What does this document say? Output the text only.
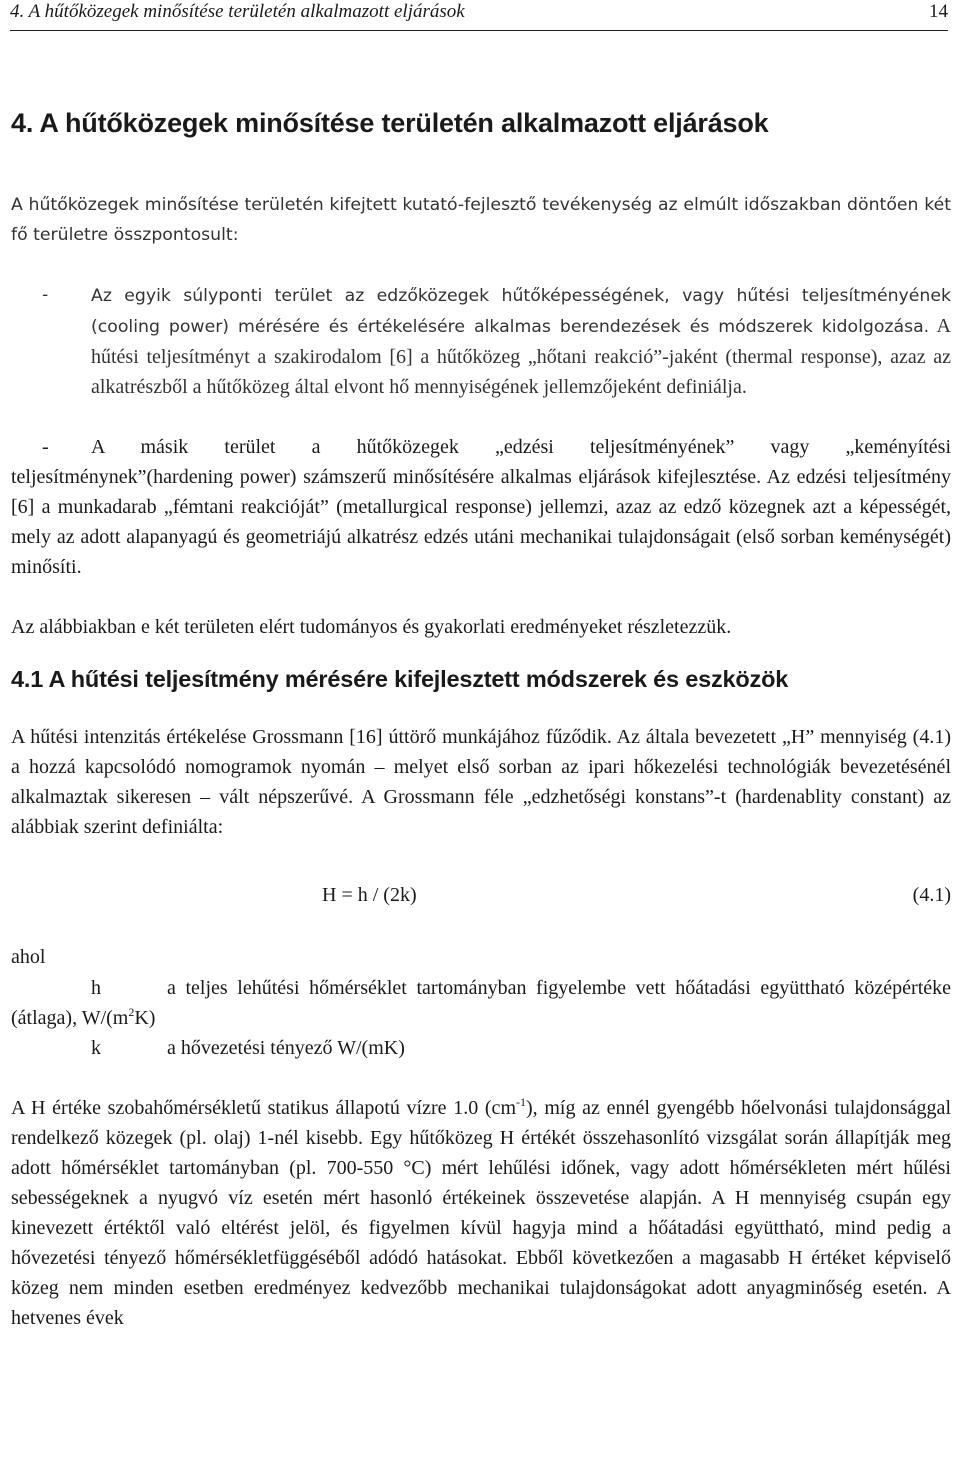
4. A hűtőközegek minősítése területén alkalmazott eljárások	14
4. A hűtőközegek minősítése területén alkalmazott eljárások

A hűtőközegek minősítése területén kifejtett kutató-fejlesztő tevékenység az elmúlt időszakban döntően két fő területre összpontosult:

-	Az egyik súlyponti terület az edzőközegek hűtőképességének, vagy hűtési teljesítményének (cooling power) mérésére és értékelésére alkalmas berendezések és módszerek kidolgozása. A hűtési teljesítményt a szakirodalom [6] a hűtőközeg „hőtani reakció”-jaként (thermal response), azaz az alkatrészből a hűtőközeg által elvont hő mennyiségének jellemzőjeként definiálja.

- A másik terület a hűtőközegek „edzési teljesítményének” vagy „keményítési

teljesítménynek”(hardening power) számszerű minősítésére alkalmas eljárások kifejlesztése. Az edzési teljesítmény [6] a munkadarab „fémtani reakcióját” (metallurgical response) jellemzi, azaz az edző közegnek azt a képességét, mely az adott alapanyagú és geometriájú alkatrész edzés utáni mechanikai tulajdonságait (első sorban keménységét) minősíti.

Az alábbiakban e két területen elért tudományos és gyakorlati eredményeket részletezzük.

4.1 A hűtési teljesítmény mérésére kifejlesztett módszerek és eszközök

A hűtési intenzitás értékelése Grossmann [16] úttörő munkájához fűződik. Az általa bevezetett „H” mennyiség (4.1) a hozzá kapcsolódó nomogramok nyomán – melyet első sorban az ipari hőkezelési technológiák bevezetésénél alkalmaztak sikeresen – vált népszerűvé. A Grossmann féle „edzhetőségi konstans”-t (hardenablity constant) az alábbiak szerint definiálta:

H = h / (2k)	(4.1)

ahol

h	a teljes lehűtési hőmérséklet tartományban figyelembe vett hőátadási együttható középértéke (átlaga), $W/(m^2K)$

k	a hővezetési tényező W/(mK)

A H értéke szobahőmérsékletű statikus állapotú vízre 1.0 $(cm^{-1})$, míg az ennél gyengébb hőelvonási tulajdonsággal rendelkező közegek (pl. olaj) 1-nél kisebb. Egy hűtőközeg H értékét összehasonlító vizsgálat során állapítják meg adott hőmérséklet tartományban (pl. 700-550 °C) mért lehűlési időnek, vagy adott hőmérsékleten mért hűlési sebességeknek a nyugvó víz esetén mért hasonló értékeinek összevetése alapján. A H mennyiség csupán egy kinevezett értéktől való eltérést jelöl, és figyelmen kívül hagyja mind a hőátadási együttható, mind pedig a hővezetési tényező hőmérsékletfüggéséből adódó hatásokat. Ebből következően a magasabb H értéket képviselő közeg nem minden esetben eredményez kedvezőbb mechanikai tulajdonságokat adott anyagminőség esetén. A hetvenes évek
